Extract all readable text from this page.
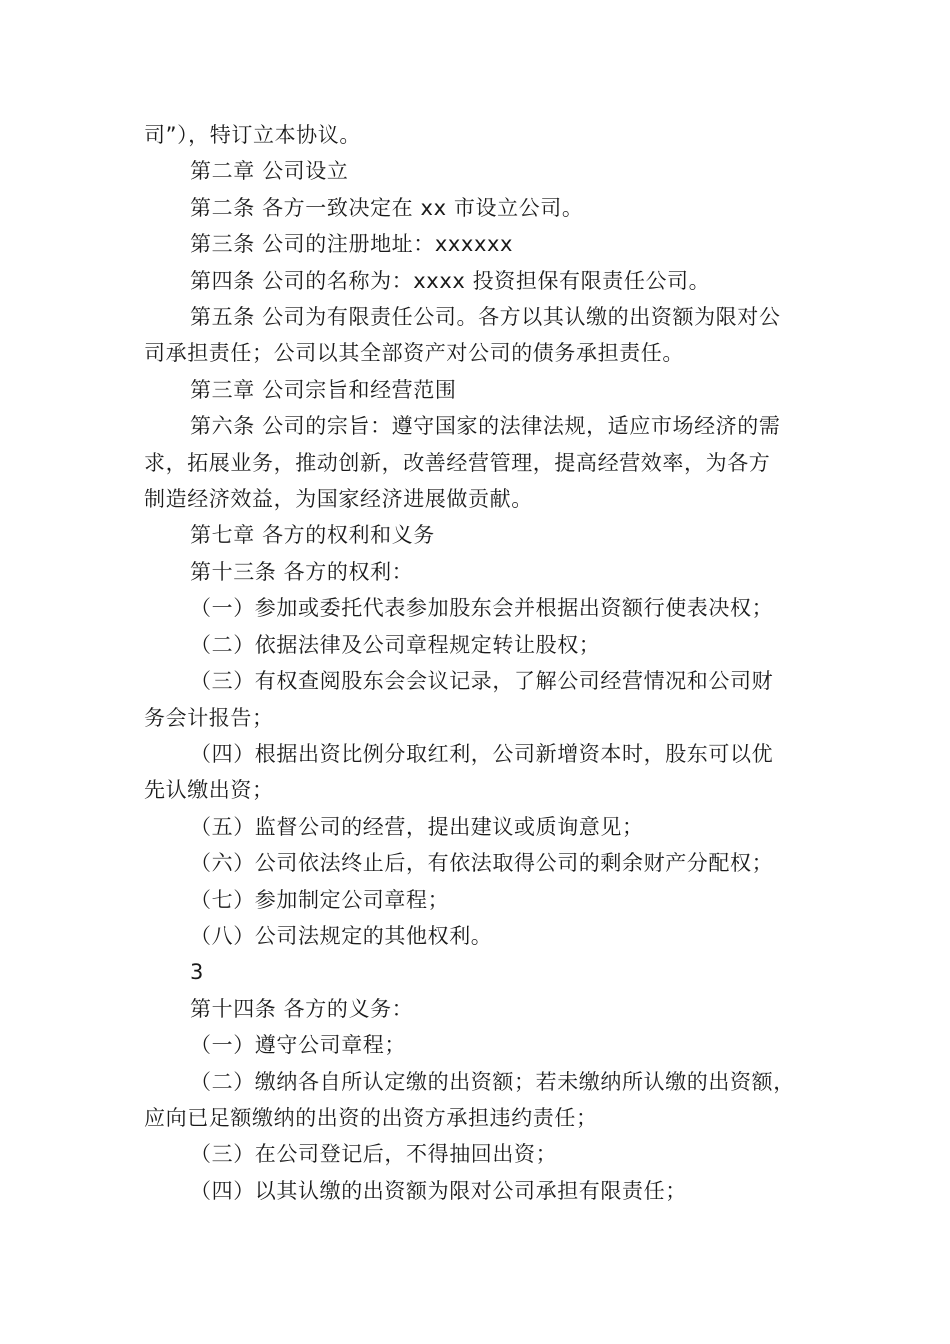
司”），特订立本协议。

第二章 公司设立

第二条 各方一致决定在 xx 市设立公司。

第三条 公司的注册地址：xxxxxx

第四条 公司的名称为：xxxx 投资担保有限责任公司。

第五条 公司为有限责任公司。各方以其认缴的出资额为限对公

司承担责任；公司以其全部资产对公司的债务承担责任。

第三章 公司宗旨和经营范围

第六条 公司的宗旨：遵守国家的法律法规，适应市场经济的需

求，拓展业务，推动创新，改善经营管理，提高经营效率，为各方

制造经济效益，为国家经济进展做贡献。

第七章 各方的权利和义务

第十三条 各方的权利：

（一）参加或委托代表参加股东会并根据出资额行使表决权；

（二）依据法律及公司章程规定转让股权；

（三）有权查阅股东会会议记录，了解公司经营情况和公司财

务会计报告；

（四）根据出资比例分取红利，公司新增资本时，股东可以优

先认缴出资；

（五）监督公司的经营，提出建议或质询意见；

（六）公司依法终止后，有依法取得公司的剩余财产分配权；

（七）参加制定公司章程；

（八）公司法规定的其他权利。

3

第十四条 各方的义务：

（一）遵守公司章程；

（二）缴纳各自所认定缴的出资额；若未缴纳所认缴的出资额，

应向已足额缴纳的出资的出资方承担违约责任；

（三）在公司登记后，不得抽回出资；

（四）以其认缴的出资额为限对公司承担有限责任；
